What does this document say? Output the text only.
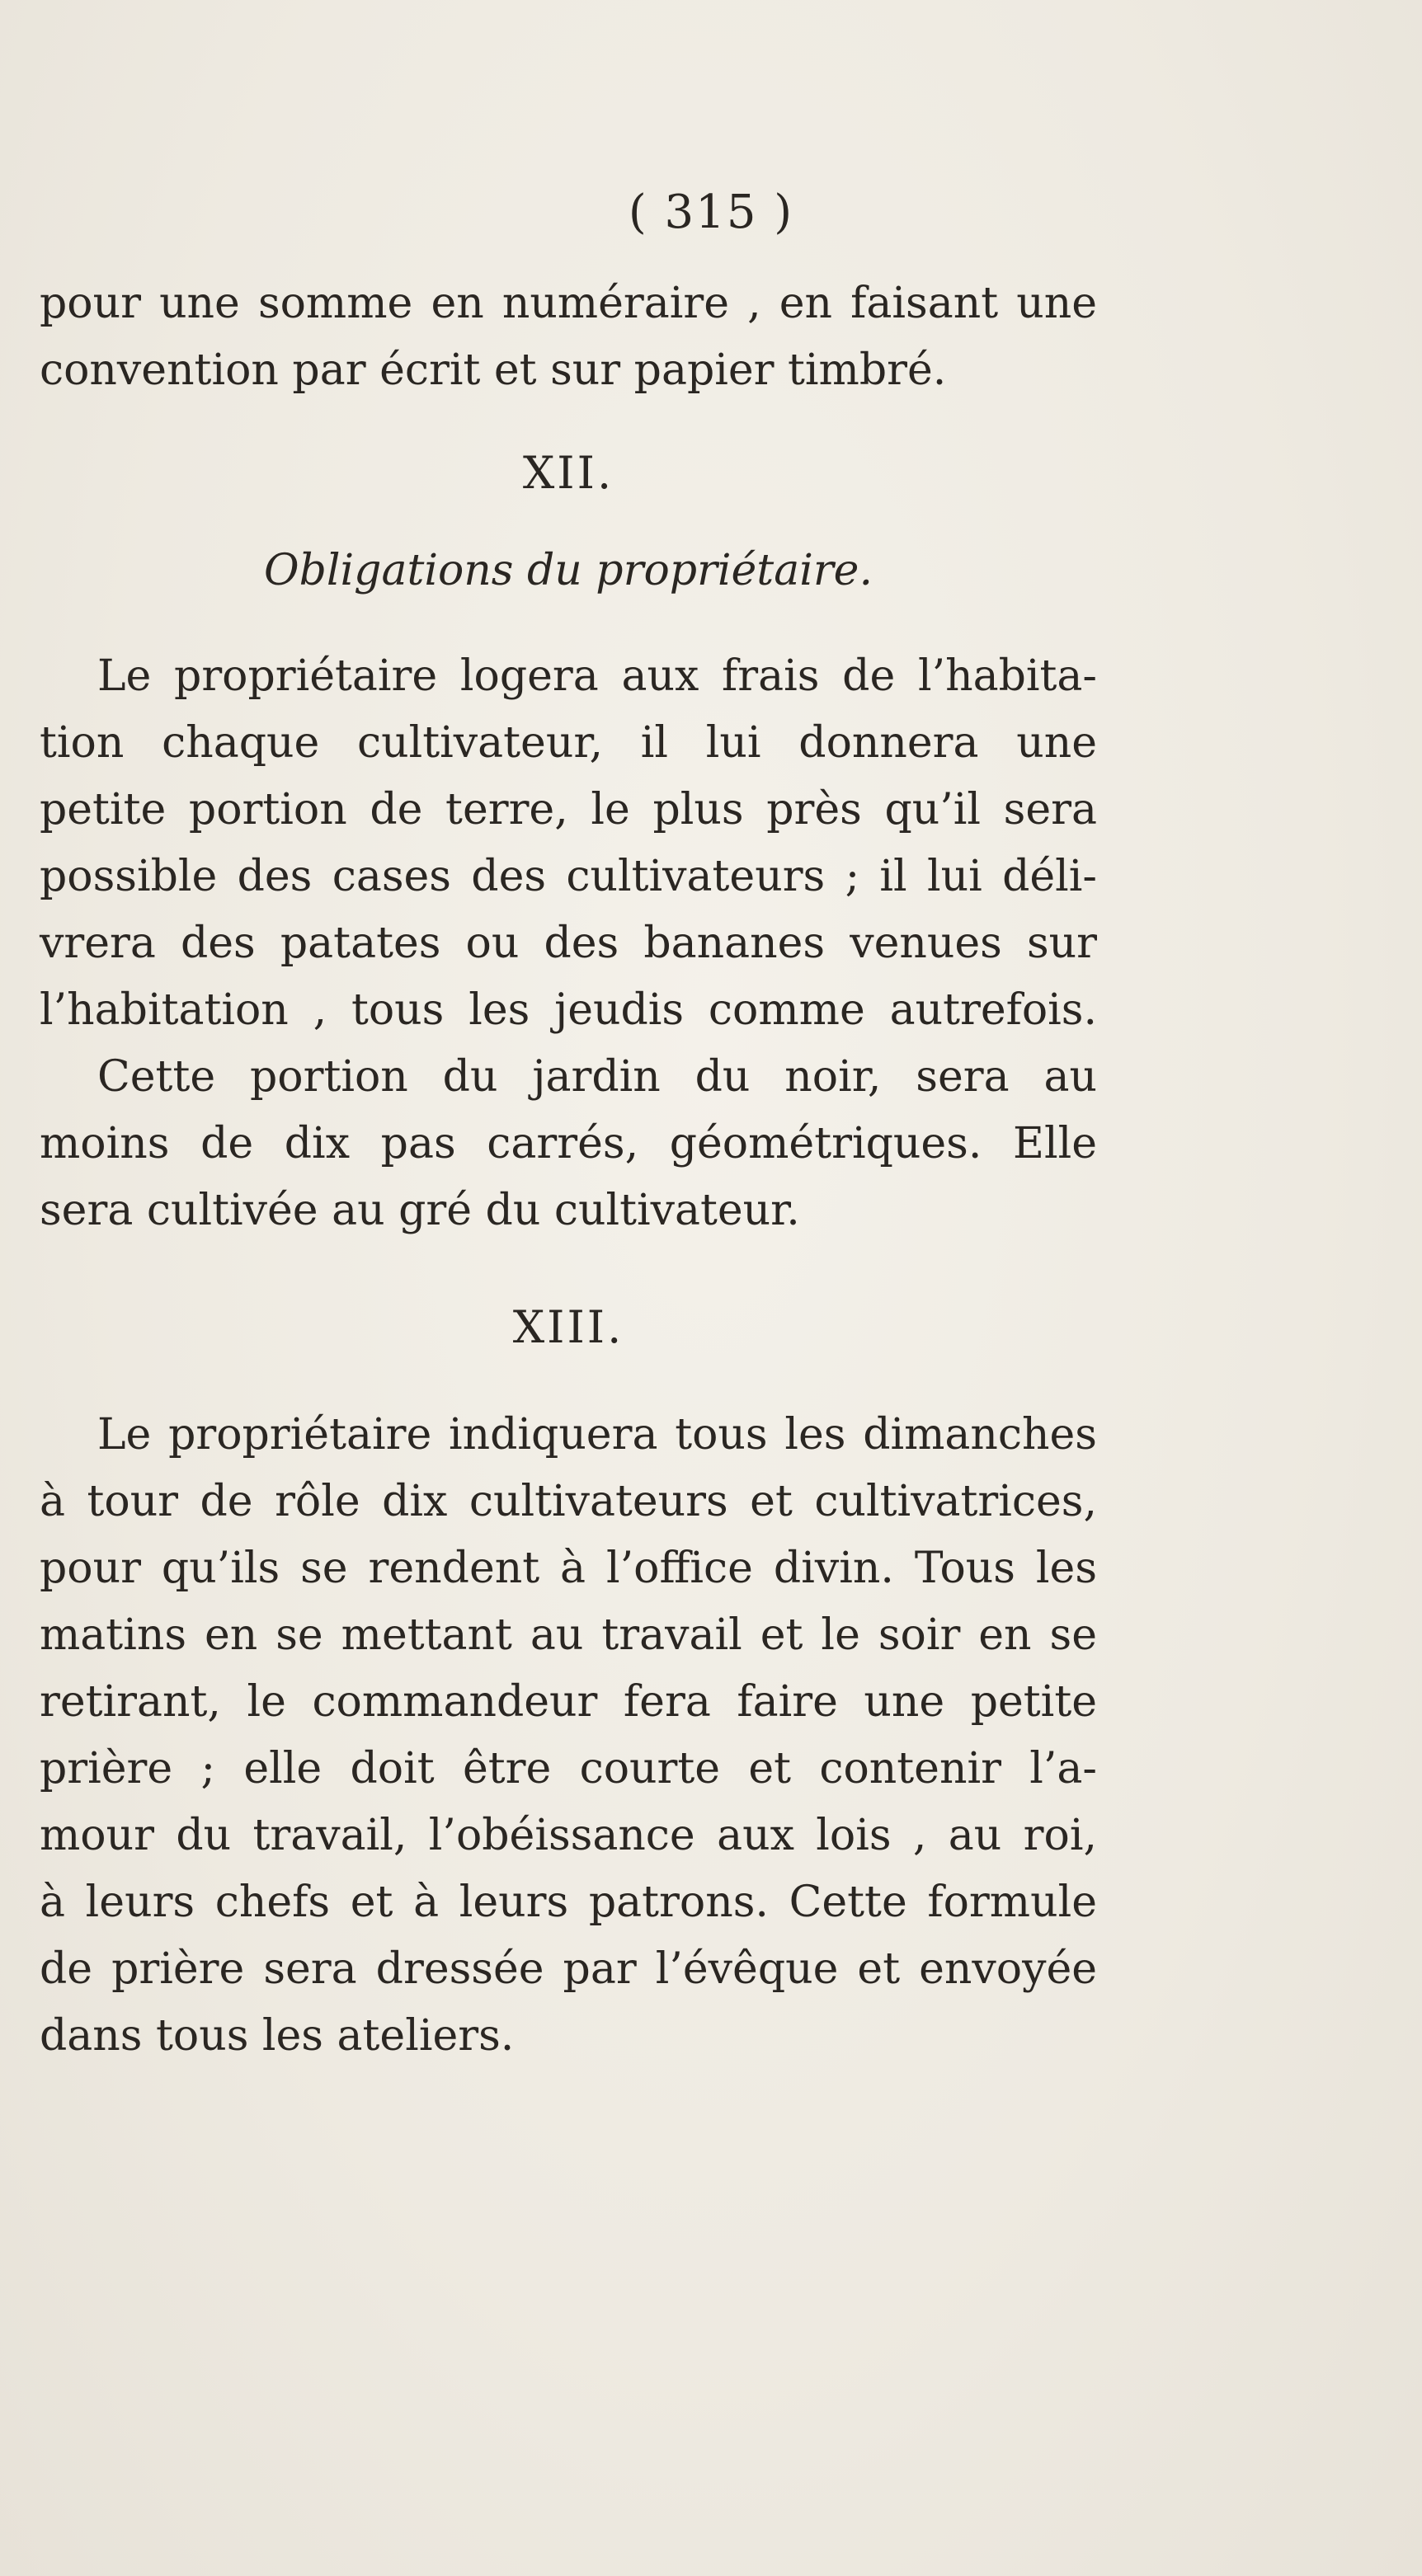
( 315 )
pour une somme en numéraire , en faisant une
convention par écrit et sur papier timbré.
XII.
Obligations du propriétaire.
Le propriétaire logera aux frais de l’habita-
tion chaque cultivateur, il lui donnera une
petite portion de terre, le plus près qu’il sera
possible des cases des cultivateurs ; il lui déli-
vrera des patates ou des bananes venues sur
l’habitation , tous les jeudis comme autrefois.
Cette portion du jardin du noir, sera au
moins de dix pas carrés, géométriques. Elle
sera cultivée au gré du cultivateur.
XIII.
Le propriétaire indiquera tous les dimanches
à tour de rôle dix cultivateurs et cultivatrices,
pour qu’ils se rendent à l’office divin. Tous les
matins en se mettant au travail et le soir en se
retirant, le commandeur fera faire une petite
prière ; elle doit être courte et contenir l’a-
mour du travail, l’obéissance aux lois , au roi,
à leurs chefs et à leurs patrons. Cette formule
de prière sera dressée par l’évêque et envoyée
dans tous les ateliers.
